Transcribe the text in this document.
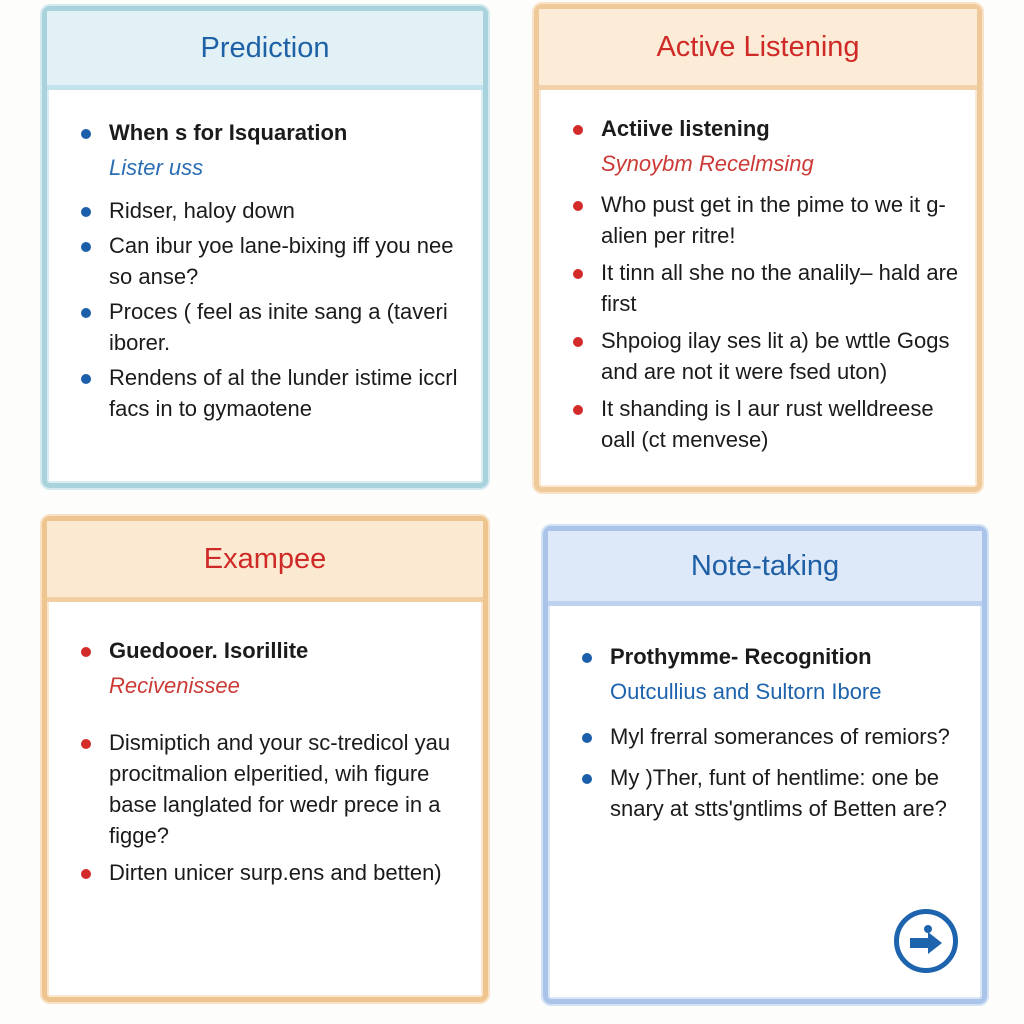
Prediction
When s for Isquaration
Lister uss
Ridser, haloy down
Can ibur yoe lane-bixing iff you nee so anse?
Proces ( feel as inite sang a (taveri iborer.
Rendens of al the lunder istime iccrl facs in to gymaotene
Active Listening
Actiive listening
Synoybm Recelmsing
Who pust get in the pime to we it g-alien per ritre!
It tinn all she no the analily– hald are first
Shpoiog ilay ses lit a) be wttle Gogs and are not it were fsed uton)
It shanding is l aur rust welldreese oall (ct menvese)
Exampee
Guedooer. Isorillite
Recivenissee
Dismiptich and your sc-tredicol yau procitmalion elperitied, wih figure base langlated for wedr prece in a figge?
Dirten unicer surp.ens and betten)
Note-taking
Prothymme- Recognition
Outcullius and Sultorn Ibore
Myl frerral somerances of remiors?
My )Ther, funt of hentlime: one be snary at stts'gntlims of Betten are?
